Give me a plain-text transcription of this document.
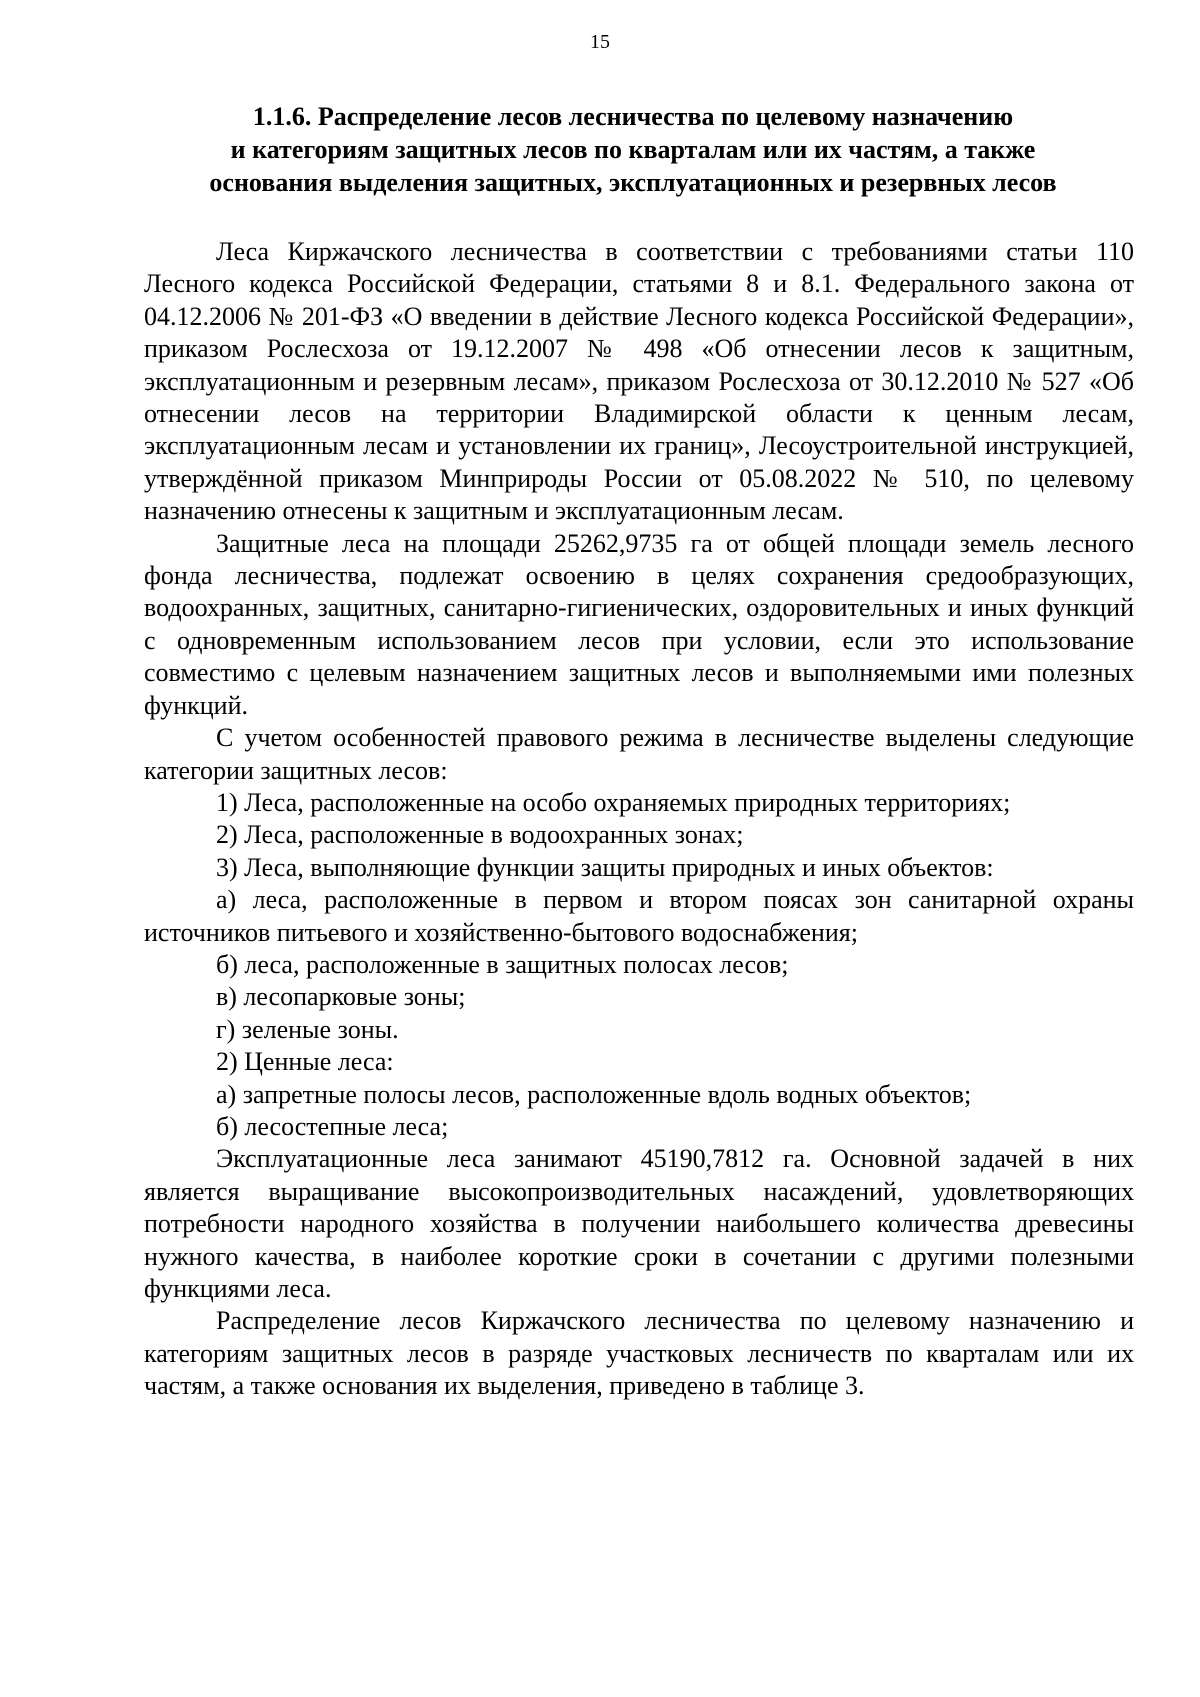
15
1.1.6. Распределение лесов лесничества по целевому назначению
и категориям защитных лесов по кварталам или их частям, а также
основания выделения защитных, эксплуатационных и резервных лесов

Леса Киржачского лесничества в соответствии с требованиями статьи 110 Лесного кодекса Российской Федерации, статьями 8 и 8.1. Федерального закона от 04.12.2006 № 201-ФЗ «О введении в действие Лесного кодекса Российской Федерации», приказом Рослесхоза от 19.12.2007 № 498 «Об отнесении лесов к защитным, эксплуатационным и резервным лесам», приказом Рослесхоза от 30.12.2010 № 527 «Об отнесении лесов на территории Владимирской области к ценным лесам, эксплуатационным лесам и установлении их границ», Лесоустроительной инструкцией, утверждённой приказом Минприроды России от 05.08.2022 № 510, по целевому назначению отнесены к защитным и эксплуатационным лесам.

Защитные леса на площади 25262,9735 га от общей площади земель лесного фонда лесничества, подлежат освоению в целях сохранения средообразующих, водоохранных, защитных, санитарно-гигиенических, оздоровительных и иных функций с одновременным использованием лесов при условии, если это использование совместимо с целевым назначением защитных лесов и выполняемыми ими полезных функций.

С учетом особенностей правового режима в лесничестве выделены следующие категории защитных лесов:

1) Леса, расположенные на особо охраняемых природных территориях;

2) Леса, расположенные в водоохранных зонах;

3) Леса, выполняющие функции защиты природных и иных объектов:

а) леса, расположенные в первом и втором поясах зон санитарной охраны источников питьевого и хозяйственно-бытового водоснабжения;

б) леса, расположенные в защитных полосах лесов;

в) лесопарковые зоны;

г) зеленые зоны.

2) Ценные леса:

а) запретные полосы лесов, расположенные вдоль водных объектов;

б) лесостепные леса;

Эксплуатационные леса занимают 45190,7812 га. Основной задачей в них является выращивание высокопроизводительных насаждений, удовлетворяющих потребности народного хозяйства в получении наибольшего количества древесины нужного качества, в наиболее короткие сроки в сочетании с другими полезными функциями леса.

Распределение лесов Киржачского лесничества по целевому назначению и категориям защитных лесов в разряде участковых лесничеств по кварталам или их частям, а также основания их выделения, приведено в таблице 3.
